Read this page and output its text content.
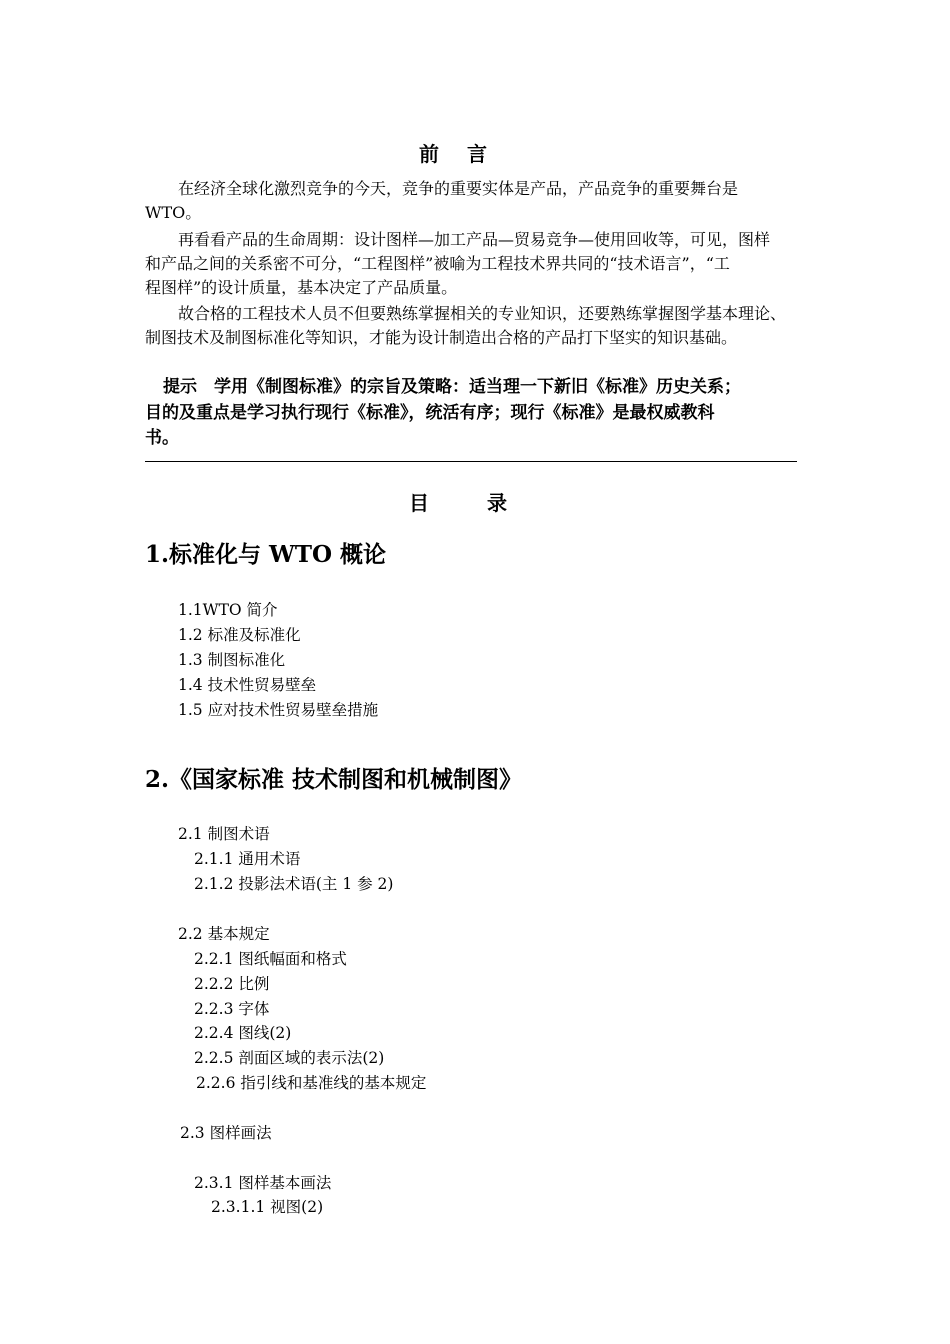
前言
在经济全球化激烈竞争的今天，竞争的重要实体是产品，产品竞争的重要舞台是
WTO。
再看看产品的生命周期：设计图样—加工产品—贸易竞争—使用回收等，可见，图样
和产品之间的关系密不可分，“工程图样”被喻为工程技术界共同的“技术语言”，“工
程图样”的设计质量，基本决定了产品质量。
故合格的工程技术人员不但要熟练掌握相关的专业知识，还要熟练掌握图学基本理论、
制图技术及制图标准化等知识，才能为设计制造出合格的产品打下坚实的知识基础。
提示　学用《制图标准》的宗旨及策略：适当理一下新旧《标准》历史关系；
目的及重点是学习执行现行《标准》，统活有序；现行《标准》是最权威教科
书。
目录
1.标准化与 WTO 概论
1.1WTO 简介
1.2 标准及标准化
1.3 制图标准化
1.4 技术性贸易壁垒
1.5 应对技术性贸易壁垒措施
2.《国家标准 技术制图和机械制图》
2.1 制图术语
2.1.1 通用术语
2.1.2 投影法术语(主 1 参 2)
2.2 基本规定
2.2.1 图纸幅面和格式
2.2.2 比例
2.2.3 字体
2.2.4 图线(2)
2.2.5 剖面区域的表示法(2)
2.2.6 指引线和基准线的基本规定
2.3 图样画法
2.3.1 图样基本画法
2.3.1.1 视图(2)
